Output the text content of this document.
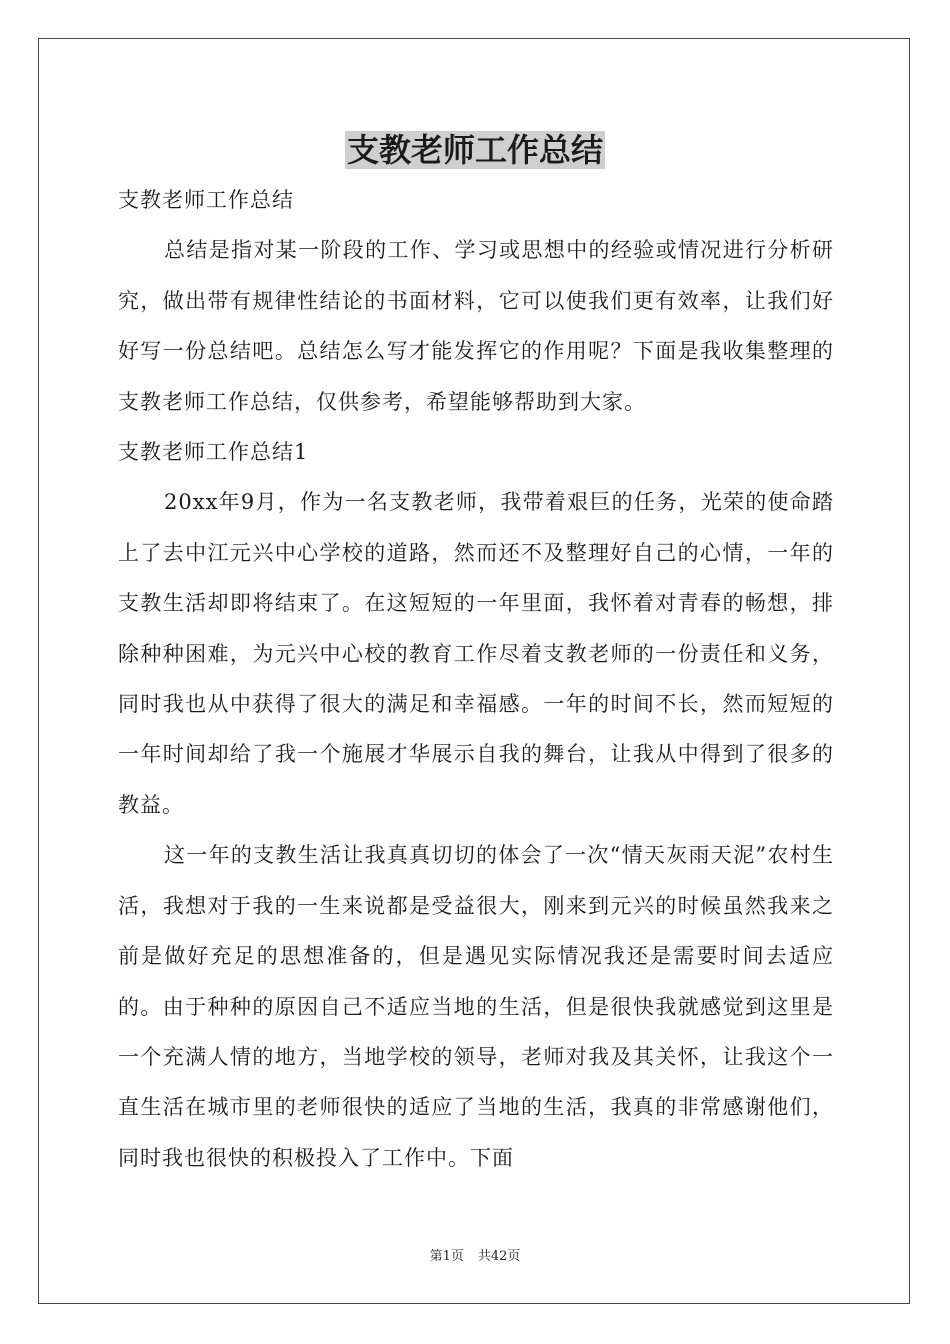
支教老师工作总结

支教老师工作总结

总结是指对某一阶段的工作、学习或思想中的经验或情况进行分析研究，做出带有规律性结论的书面材料，它可以使我们更有效率，让我们好好写一份总结吧。总结怎么写才能发挥它的作用呢？下面是我收集整理的支教老师工作总结，仅供参考，希望能够帮助到大家。

支教老师工作总结1

20xx年9月，作为一名支教老师，我带着艰巨的任务，光荣的使命踏上了去中江元兴中心学校的道路，然而还不及整理好自己的心情，一年的支教生活却即将结束了。在这短短的一年里面，我怀着对青春的畅想，排除种种困难，为元兴中心校的教育工作尽着支教老师的一份责任和义务，同时我也从中获得了很大的满足和幸福感。一年的时间不长，然而短短的一年时间却给了我一个施展才华展示自我的舞台，让我从中得到了很多的教益。

这一年的支教生活让我真真切切的体会了一次“情天灰雨天泥”农村生活，我想对于我的一生来说都是受益很大，刚来到元兴的时候虽然我来之前是做好充足的思想准备的，但是遇见实际情况我还是需要时间去适应的。由于种种的原因自己不适应当地的生活，但是很快我就感觉到这里是一个充满人情的地方，当地学校的领导，老师对我及其关怀，让我这个一直生活在城市里的老师很快的适应了当地的生活，我真的非常感谢他们，同时我也很快的积极投入了工作中。下面

第1页 共42页
